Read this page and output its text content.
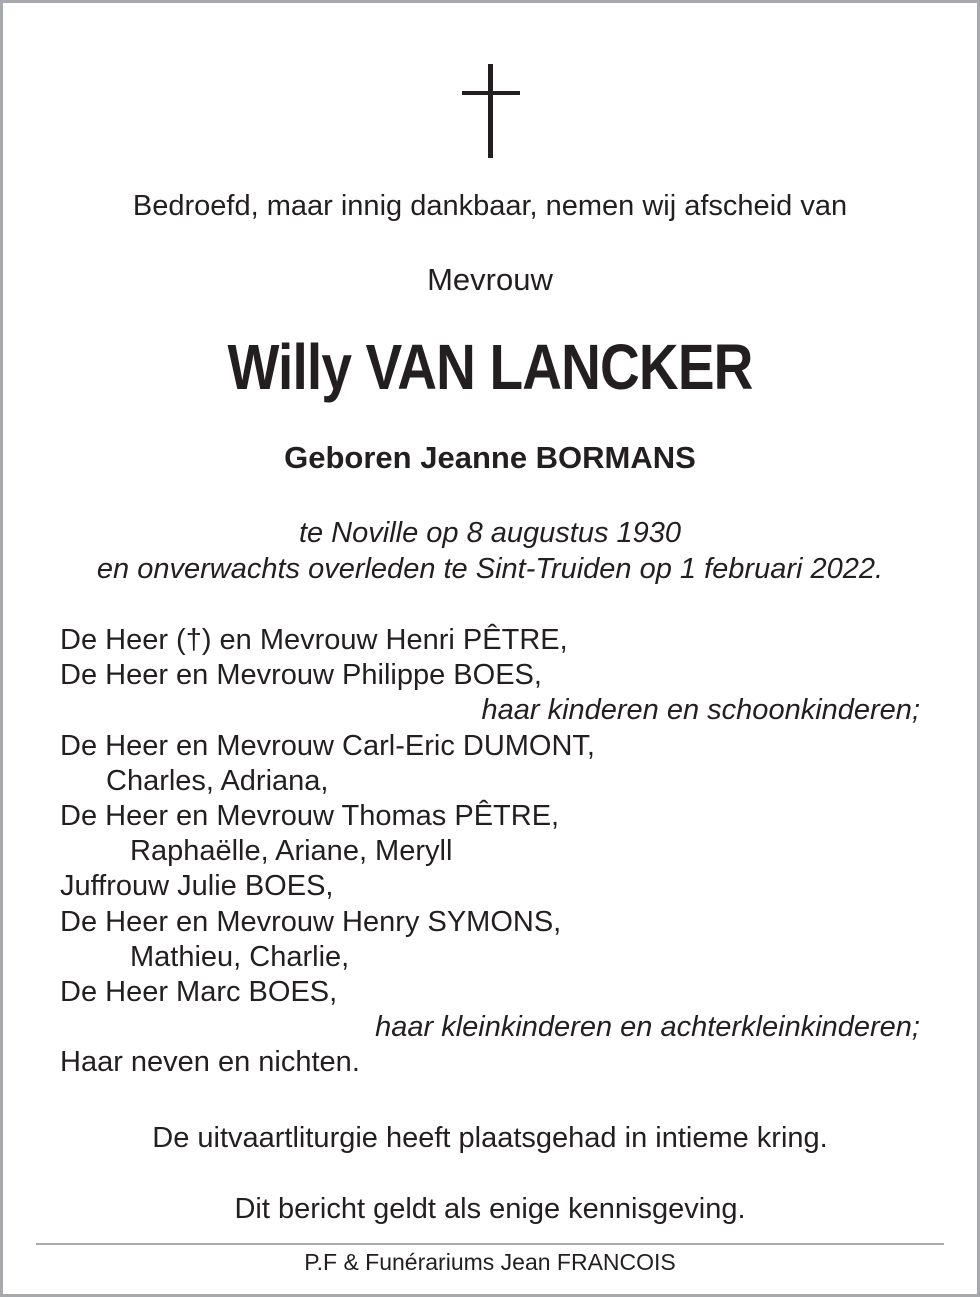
Bedroefd, maar innig dankbaar, nemen wij afscheid van
Mevrouw
Willy VAN LANCKER
Geboren Jeanne BORMANS
te Noville op 8 augustus 1930
en onverwachts overleden te Sint-Truiden op 1 februari 2022.
De Heer (†) en Mevrouw Henri PÊTRE,
De Heer en Mevrouw Philippe BOES,
haar kinderen en schoonkinderen;
De Heer en Mevrouw Carl-Eric DUMONT,
Charles, Adriana,
De Heer en Mevrouw Thomas PÊTRE,
Raphaëlle, Ariane, Meryll
Juffrouw Julie BOES,
De Heer en Mevrouw Henry SYMONS,
Mathieu, Charlie,
De Heer Marc BOES,
haar kleinkinderen en achterkleinkinderen;
Haar neven en nichten.
De uitvaartliturgie heeft plaatsgehad in intieme kring.
Dit bericht geldt als enige kennisgeving.
P.F & Funérariums Jean FRANCOIS
